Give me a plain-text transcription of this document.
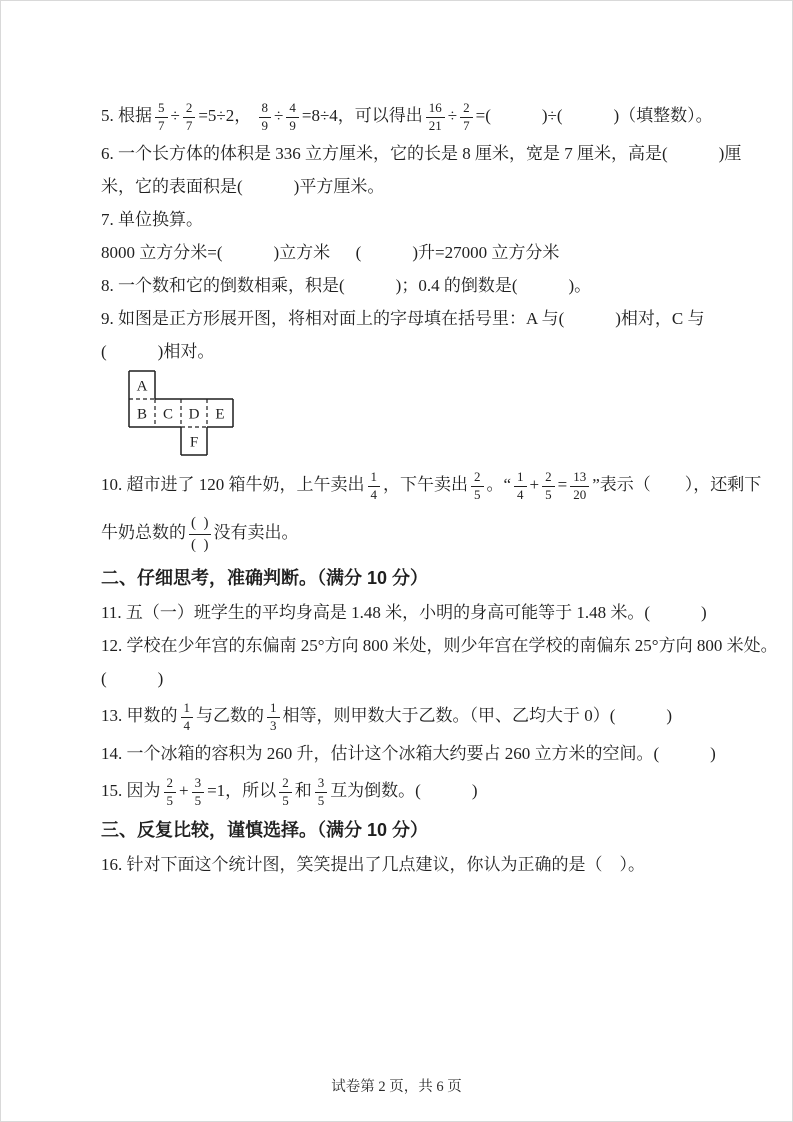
5. 根据 $\frac{5}{7} \div \frac{2}{7} =5\div 2$， $\frac{8}{9} \div \frac{4}{9} =8\div 4$，可以得出 $\frac{16}{21} \div \frac{2}{7}$ =(            )÷(            )（填整数）。

6. 一个长方体的体积是 336 立方厘米，它的长是 8 厘米，宽是 7 厘米，高是(            )厘

米，它的表面积是(            )平方厘米。

7. 单位换算。

8000 立方分米=(            )立方米      (            )升=27000 立方分米

8. 一个数和它的倒数相乘，积是(            )；0.4 的倒数是(            )。

9. 如图是正方形展开图，将相对面上的字母填在括号里：A 与(            )相对，C 与

(            )相对。

A
B C D E
F

10. 超市进了 120 箱牛奶，上午卖出 $\frac{1}{4}$ ，下午卖出 $\frac{2}{5}$ 。“ $\frac{1}{4} + \frac{2}{5} = \frac{13}{20}$ ”表示（        ），还剩下

牛奶总数的 $\frac{( )}{( )}$ 没有卖出。

二、仔细思考，准确判断。（满分 10 分）

11. 五（一）班学生的平均身高是 1.48 米，小明的身高可能等于 1.48 米。(            )

12. 学校在少年宫的东偏南 25°方向 800 米处，则少年宫在学校的南偏东 25°方向 800 米处。

(            )

13. 甲数的 $\frac{1}{4}$ 与乙数的 $\frac{1}{3}$ 相等，则甲数大于乙数。（甲、乙均大于 0）(            )

14. 一个冰箱的容积为 260 升，估计这个冰箱大约要占 260 立方米的空间。(            )

15. 因为 $\frac{2}{5} + \frac{3}{5} =1$，所以 $\frac{2}{5}$ 和 $\frac{3}{5}$ 互为倒数。(            )

三、反复比较，谨慎选择。（满分 10 分）

16. 针对下面这个统计图，笑笑提出了几点建议，你认为正确的是（    ）。

试卷第 2 页，共 6 页
